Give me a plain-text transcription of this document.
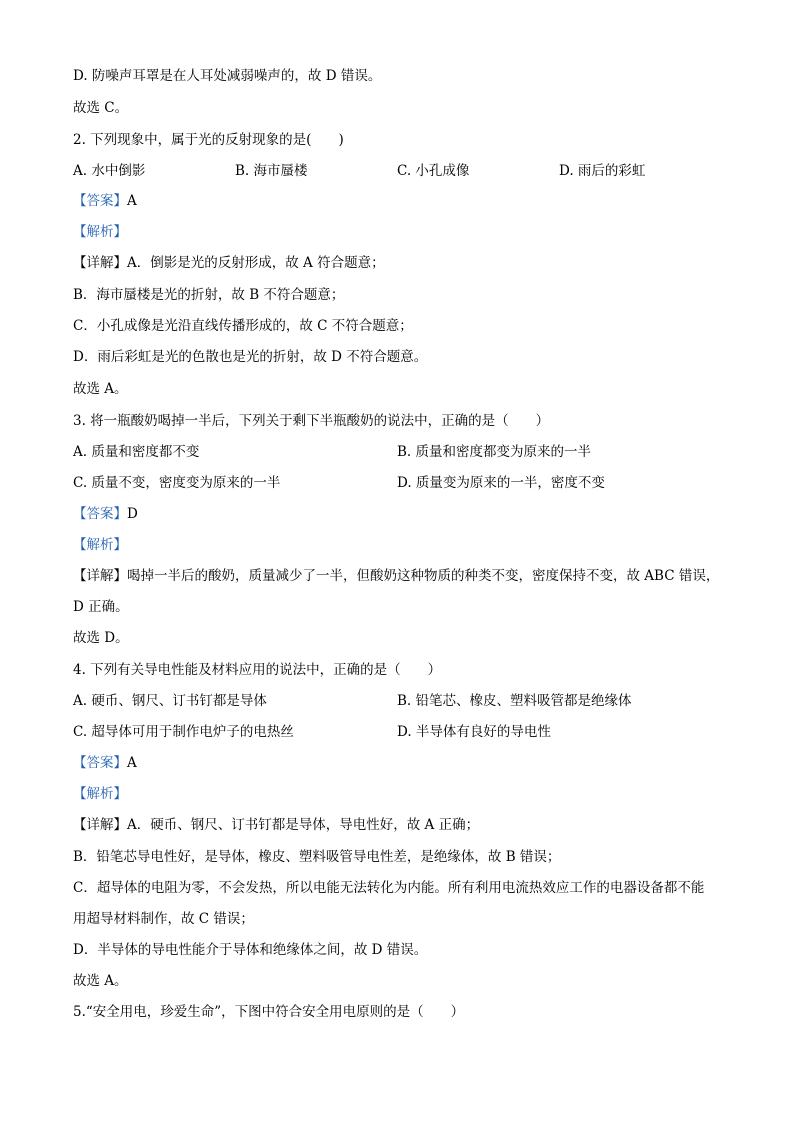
D. 防噪声耳罩是在人耳处减弱噪声的，故 D 错误。
故选 C。
2. 下列现象中，属于光的反射现象的是(　　)
A. 水中倒影	B. 海市蜃楼	C. 小孔成像	D. 雨后的彩虹
【答案】A
【解析】
【详解】A．倒影是光的反射形成，故 A 符合题意；
B．海市蜃楼是光的折射，故 B 不符合题意；
C．小孔成像是光沿直线传播形成的，故 C 不符合题意；
D．雨后彩虹是光的色散也是光的折射，故 D 不符合题意。
故选 A。
3. 将一瓶酸奶喝掉一半后，下列关于剩下半瓶酸奶的说法中，正确的是（　　）
A. 质量和密度都不变	B. 质量和密度都变为原来的一半
C. 质量不变，密度变为原来的一半	D. 质量变为原来的一半，密度不变
【答案】D
【解析】
【详解】喝掉一半后的酸奶，质量减少了一半，但酸奶这种物质的种类不变，密度保持不变，故 ABC 错误，
D 正确。
故选 D。
4. 下列有关导电性能及材料应用的说法中，正确的是（　　）
A. 硬币、钢尺、订书钉都是导体	B. 铅笔芯、橡皮、塑料吸管都是绝缘体
C. 超导体可用于制作电炉子的电热丝	D. 半导体有良好的导电性
【答案】A
【解析】
【详解】A．硬币、钢尺、订书钉都是导体，导电性好，故 A 正确；
B．铅笔芯导电性好，是导体，橡皮、塑料吸管导电性差，是绝缘体，故 B 错误；
C．超导体的电阻为零，不会发热，所以电能无法转化为内能。所有利用电流热效应工作的电器设备都不能
用超导材料制作，故 C 错误；
D．半导体的导电性能介于导体和绝缘体之间，故 D 错误。
故选 A。
5.“安全用电，珍爱生命”，下图中符合安全用电原则的是（　　）
